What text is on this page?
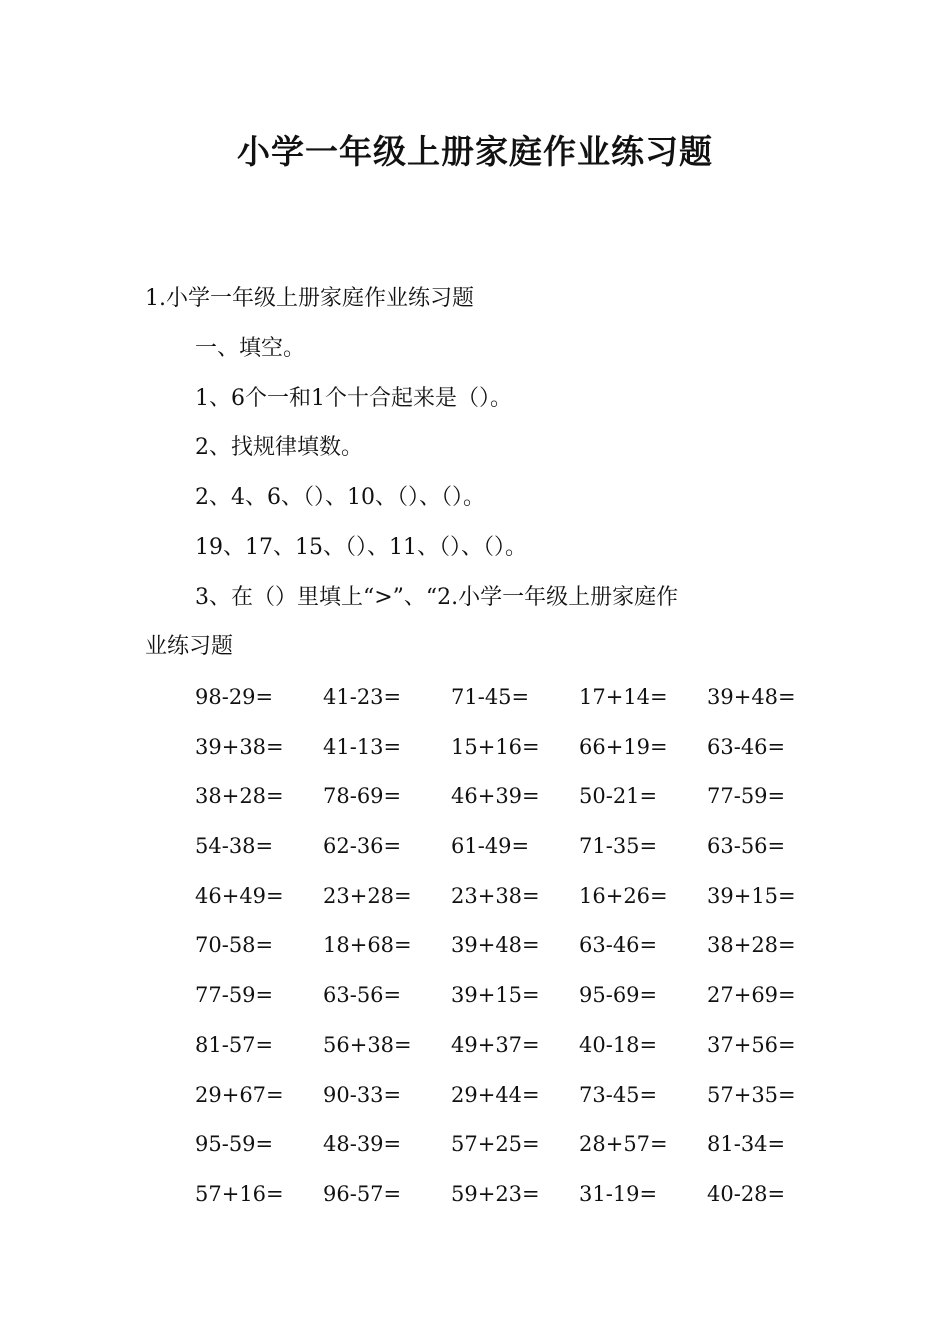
小学一年级上册家庭作业练习题

1.小学一年级上册家庭作业练习题

一、填空。

1、6个一和1个十合起来是（）。

2、找规律填数。

2、4、6、（）、10、（）、（）。

19、17、15、（）、11、（）、（）。

3、在（）里填上“>”、“2.小学一年级上册家庭作

业练习题

98-29=	41-23=	71-45=	17+14=	39+48=
39+38=	41-13=	15+16=	66+19=	63-46=
38+28=	78-69=	46+39=	50-21=	77-59=
54-38=	62-36=	61-49=	71-35=	63-56=
46+49=	23+28=	23+38=	16+26=	39+15=
70-58=	18+68=	39+48=	63-46=	38+28=
77-59=	63-56=	39+15=	95-69=	27+69=
81-57=	56+38=	49+37=	40-18=	37+56=
29+67=	90-33=	29+44=	73-45=	57+35=
95-59=	48-39=	57+25=	28+57=	81-34=
57+16=	96-57=	59+23=	31-19=	40-28=
